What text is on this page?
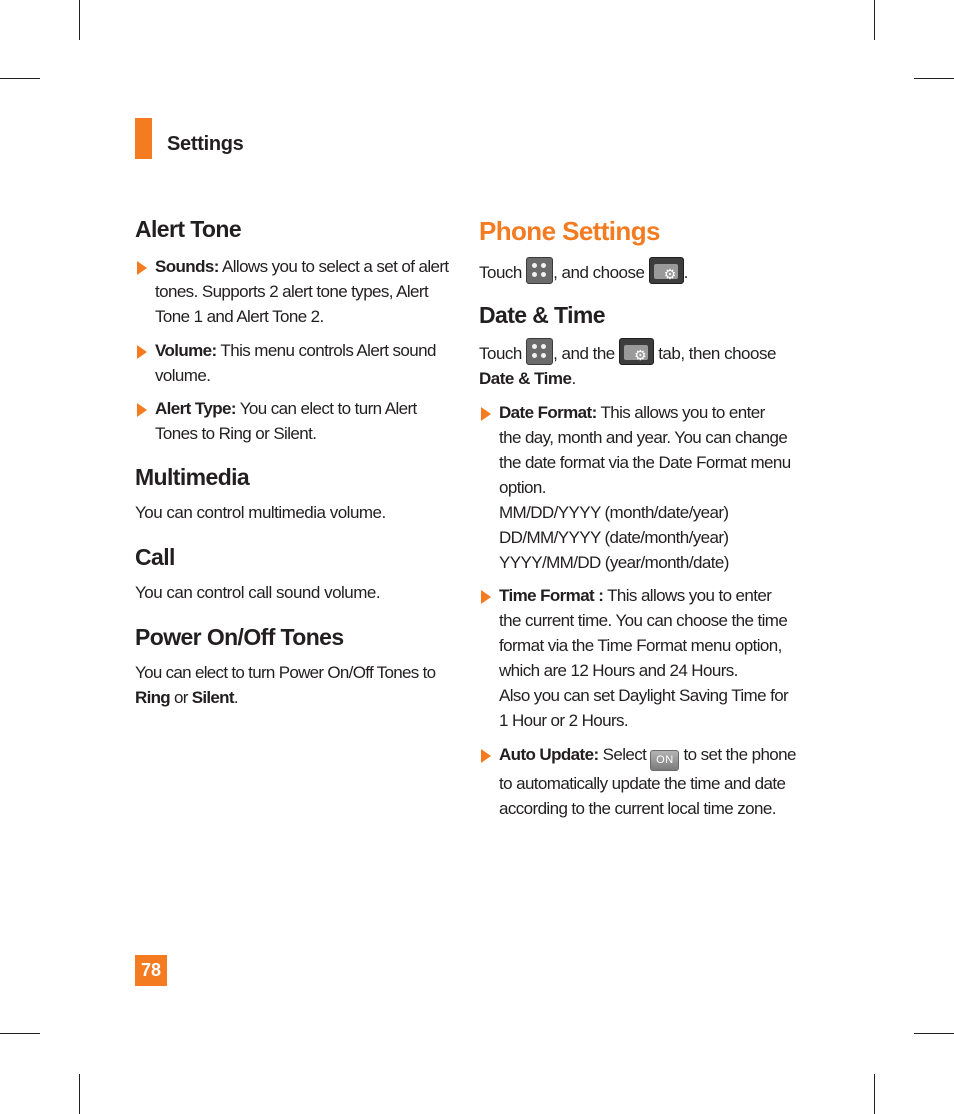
Settings
Alert Tone
Sounds: Allows you to select a set of alert
tones. Supports 2 alert tone types, Alert
Tone 1 and Alert Tone 2.
Volume: This menu controls Alert sound
volume.
Alert Type: You can elect to turn Alert
Tones to Ring or Silent.
Multimedia

You can control multimedia volume.

Call

You can control call sound volume.

Power On/Off Tones

You can elect to turn Power On/Off Tones to
Ring or Silent.

Phone Settings

Touch
, and choose ⚙ .

Date & Time

Touch
, and the ⚙ tab, then choose
Date & Time.

Date Format: This allows you to enter
the day, month and year. You can change
the date format via the Date Format menu
option.
MM/DD/YYYY (month/date/year)
DD/MM/YYYY (date/month/year)
YYYY/MM/DD (year/month/date)
Time Format : This allows you to enter
the current time. You can choose the time
format via the Time Format menu option,
which are 12 Hours and 24 Hours.
Also you can set Daylight Saving Time for
1 Hour or 2 Hours.
Auto Update: Select ON to set the phone
to automatically update the time and date
according to the current local time zone.
78
